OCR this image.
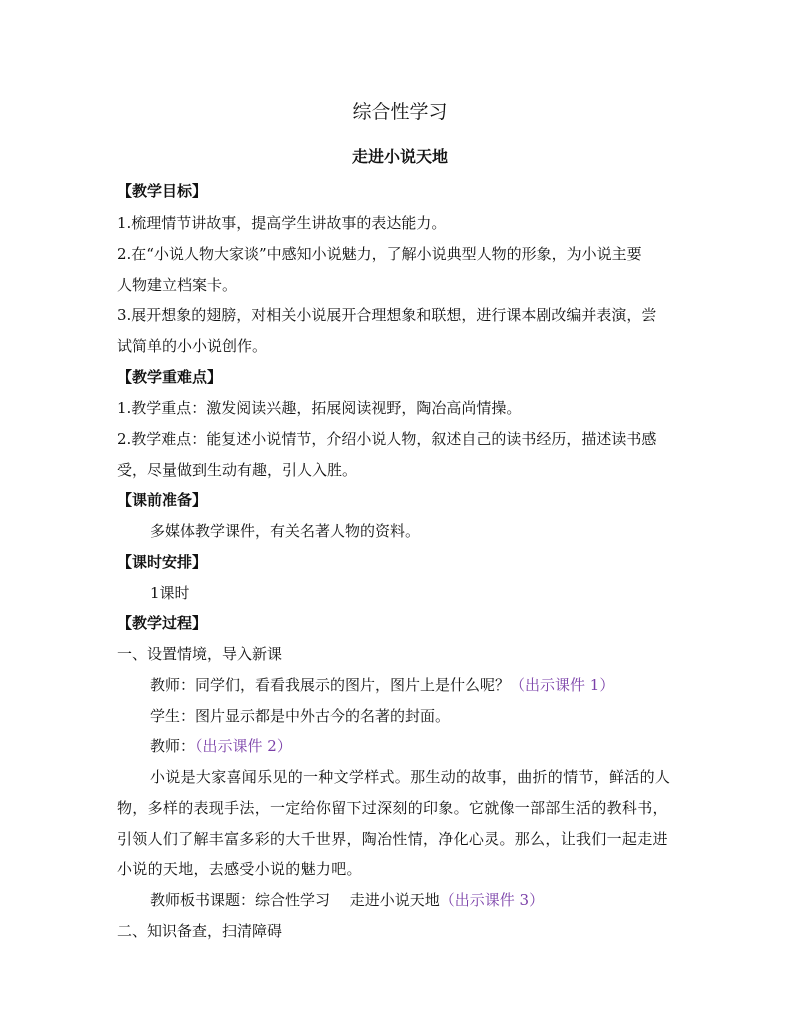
综合性学习
走进小说天地
【教学目标】
1.梳理情节讲故事，提高学生讲故事的表达能力。
2.在“小说人物大家谈”中感知小说魅力，了解小说典型人物的形象，为小说主要
人物建立档案卡。
3.展开想象的翅膀，对相关小说展开合理想象和联想，进行课本剧改编并表演，尝
试简单的小小说创作。
【教学重难点】
1.教学重点：激发阅读兴趣，拓展阅读视野，陶冶高尚情操。
2.教学难点：能复述小说情节，介绍小说人物，叙述自己的读书经历，描述读书感
受，尽量做到生动有趣，引人入胜。
【课前准备】
多媒体教学课件，有关名著人物的资料。
【课时安排】
1课时
【教学过程】
一、设置情境，导入新课
教师：同学们，看看我展示的图片，图片上是什么呢？（出示课件 1）
学生：图片显示都是中外古今的名著的封面。
教师：（出示课件 2）
小说是大家喜闻乐见的一种文学样式。那生动的故事，曲折的情节，鲜活的人
物，多样的表现手法，一定给你留下过深刻的印象。它就像一部部生活的教科书，
引领人们了解丰富多彩的大千世界，陶冶性情，净化心灵。那么，让我们一起走进
小说的天地，去感受小说的魅力吧。
教师板书课题：综合性学习　 走进小说天地（出示课件 3）
二、知识备查，扫清障碍
